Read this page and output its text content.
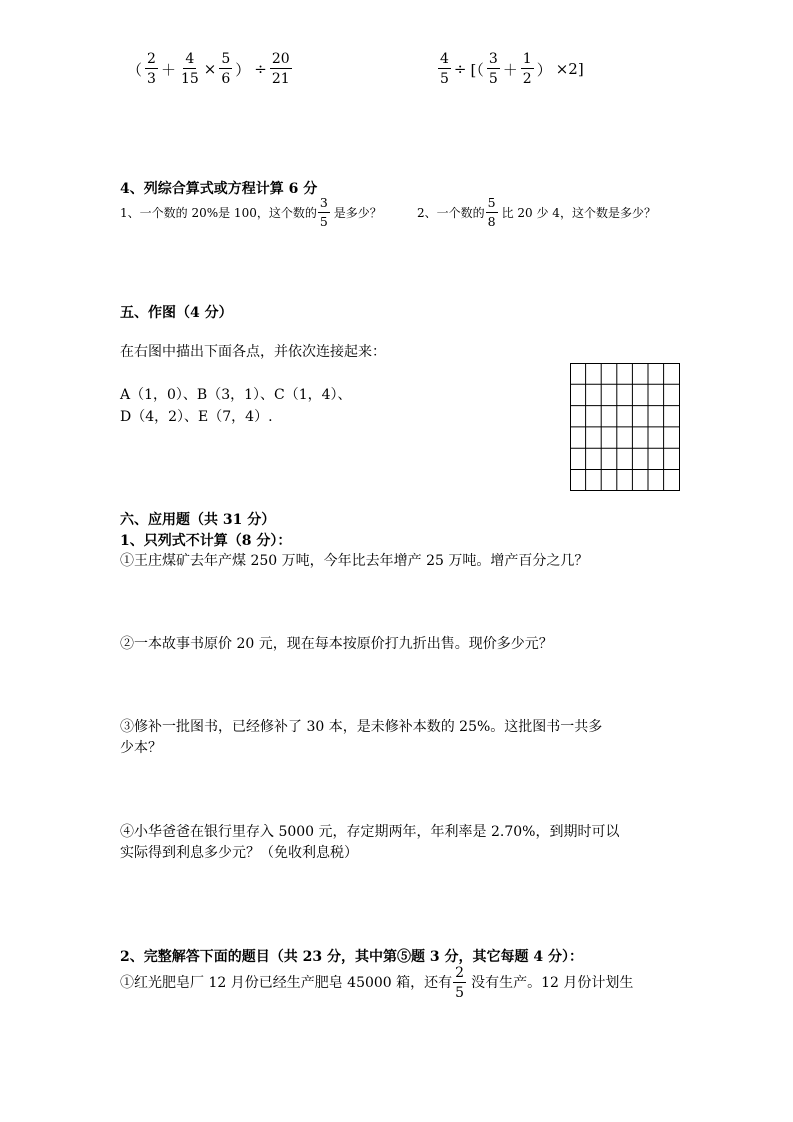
（ $\frac{2}{3} + \frac{4}{15} \times \frac{5}{6}$ ） ÷ $\frac{20}{21}$	$\frac{4}{5}$ ÷ [（ $\frac{3}{5} + \frac{1}{2}$ ） ×2]
4、列综合算式或方程计算 6 分
1、一个数的 20%是 100，这个数的 $\frac{3}{5}$ 是多少？	2、一个数的 $\frac{5}{8}$ 比 20 少 4，这个数是多少？
五、作图（4 分）
在右图中描出下面各点，并依次连接起来：
A（1，0）、B（3，1）、C（1，4）、
D（4，2）、E（7，4）.
六、应用题（共 31 分）
1、只列式不计算（8 分）：
①王庄煤矿去年产煤 250 万吨，今年比去年增产 25 万吨。增产百分之几？
②一本故事书原价 20 元，现在每本按原价打九折出售。现价多少元？
③修补一批图书，已经修补了 30 本，是未修补本数的 25%。这批图书一共多
少本？
④小华爸爸在银行里存入 5000 元，存定期两年，年利率是 2.70%，到期时可以
实际得到利息多少元？（免收利息税）
2、完整解答下面的题目（共 23 分，其中第⑤题 3 分，其它每题 4 分）：
①红光肥皂厂 12 月份已经生产肥皂 45000 箱，还有 $\frac{2}{5}$ 没有生产。12 月份计划生
